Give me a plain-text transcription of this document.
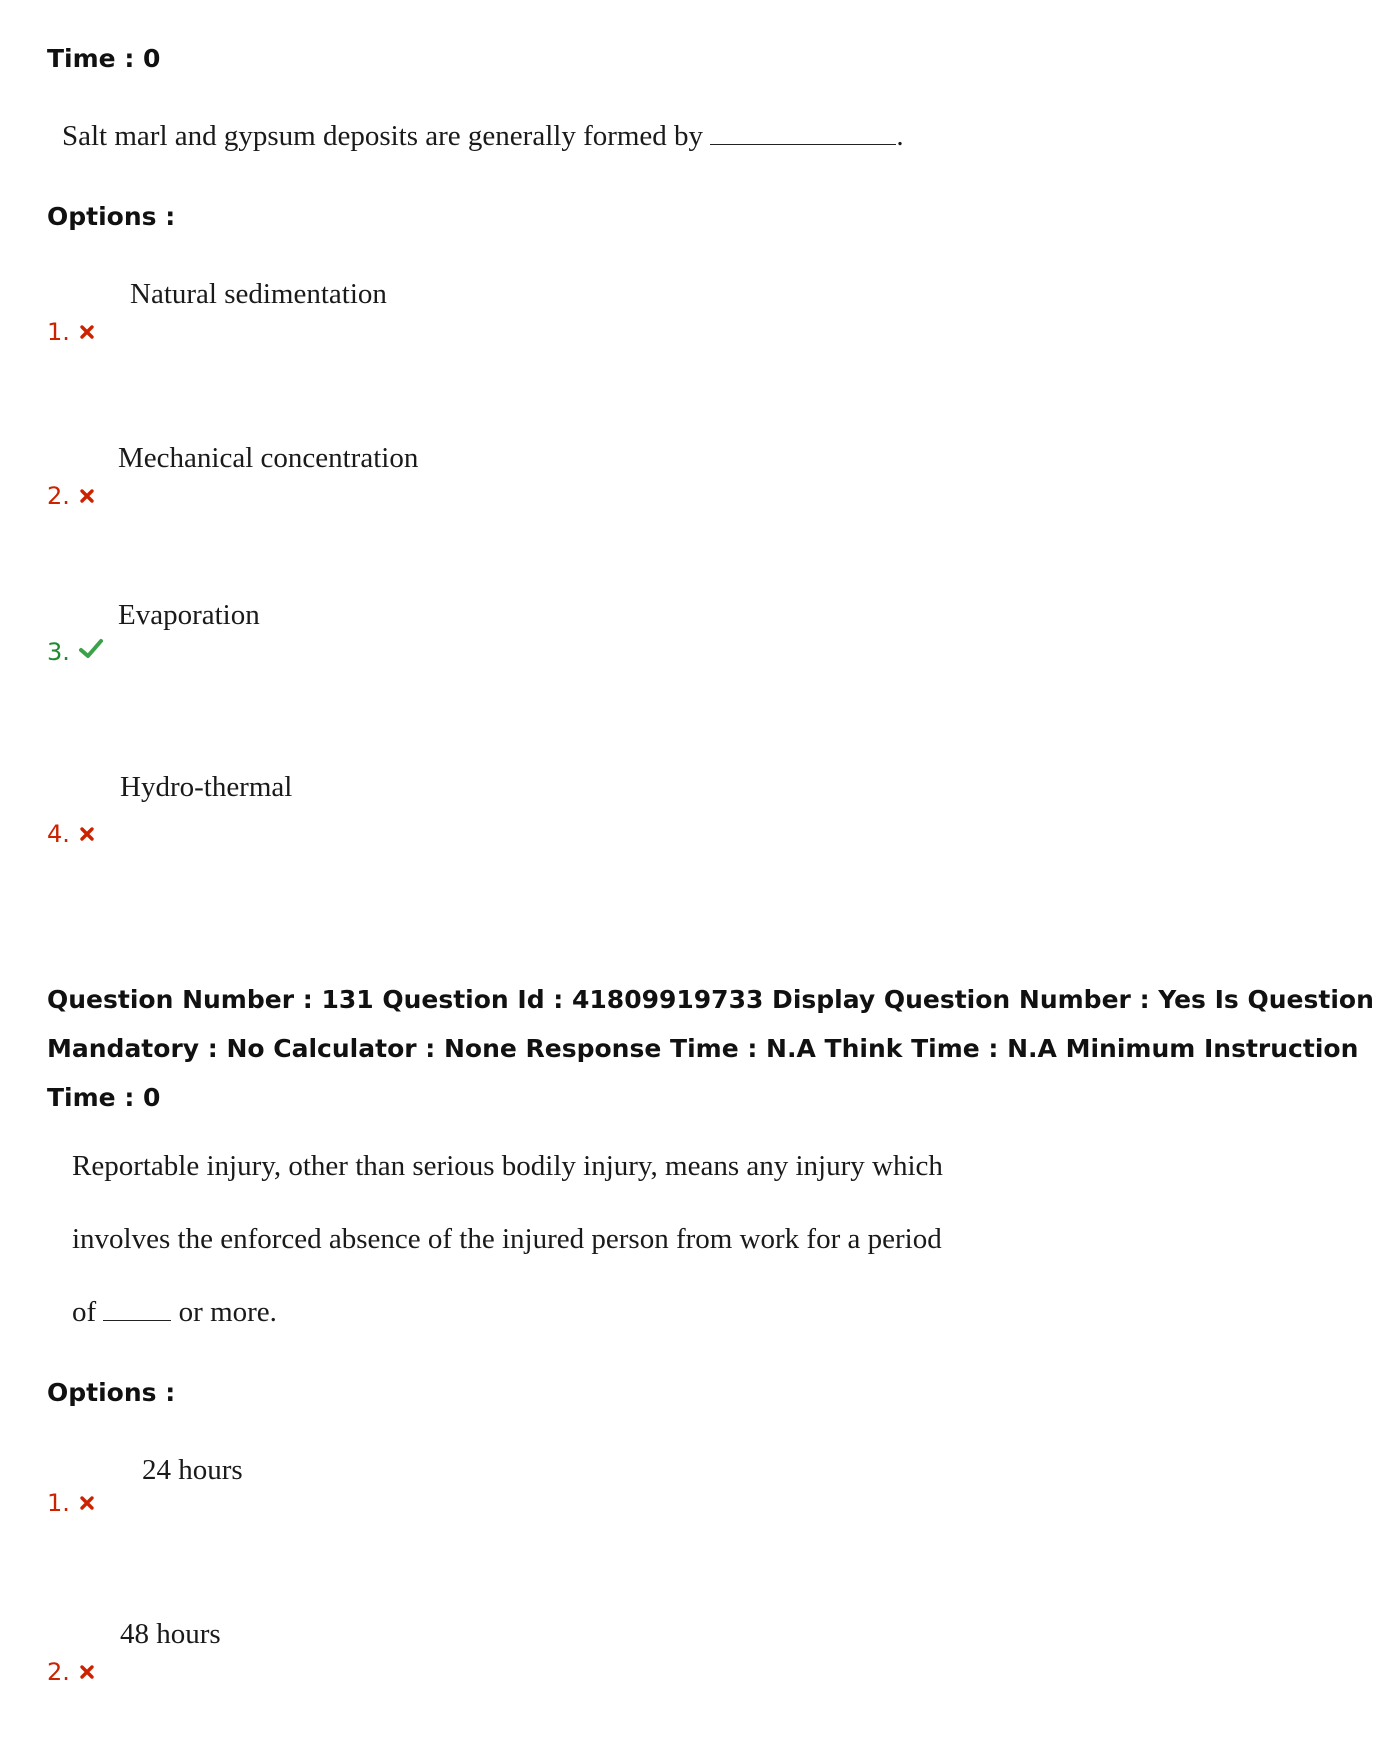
Time : 0
Salt marl and gypsum deposits are generally formed by	.
Options :
Natural sedimentation
1.
Mechanical concentration
2.
Evaporation
3.
Hydro-thermal
4.
Question Number : 131 Question Id : 41809919733 Display Question Number : Yes Is Question
Mandatory : No Calculator : None Response Time : N.A Think Time : N.A Minimum Instruction
Time : 0
Reportable injury, other than serious bodily injury, means any injury which
involves the enforced absence of the injured person from work for a period
of	or more.
Options :
24 hours
1.
48 hours
2.
